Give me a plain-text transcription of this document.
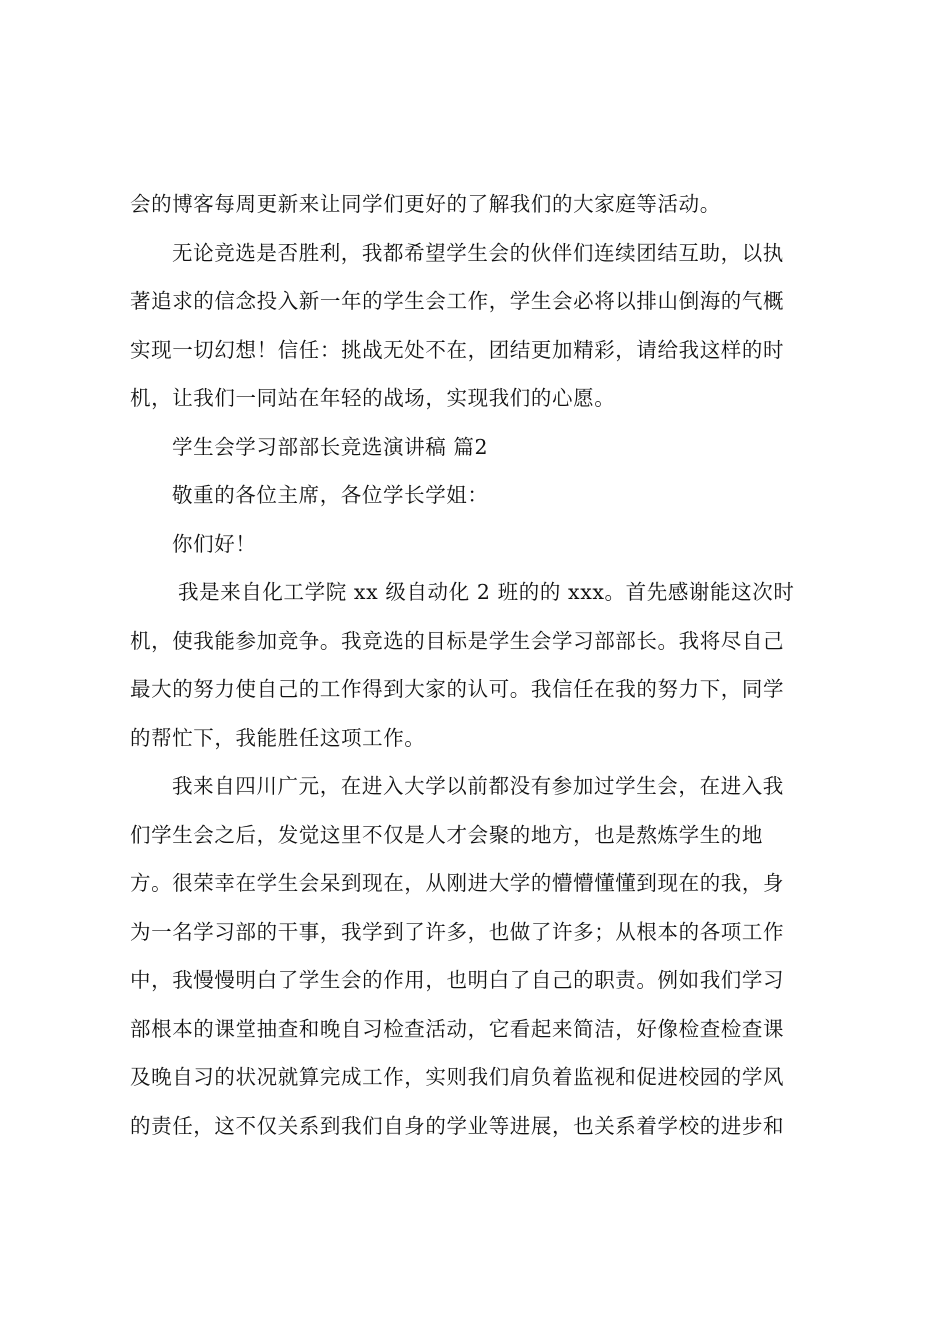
会的博客每周更新来让同学们更好的了解我们的大家庭等活动。
无论竞选是否胜利，我都希望学生会的伙伴们连续团结互助，以执
著追求的信念投入新一年的学生会工作，学生会必将以排山倒海的气概
实现一切幻想！信任：挑战无处不在，团结更加精彩，请给我这样的时
机，让我们一同站在年轻的战场，实现我们的心愿。
学生会学习部部长竞选演讲稿 篇2
敬重的各位主席，各位学长学姐：
你们好！
我是来自化工学院 xx 级自动化 2 班的的 xxx。首先感谢能这次时
机，使我能参加竞争。我竞选的目标是学生会学习部部长。我将尽自己
最大的努力使自己的工作得到大家的认可。我信任在我的努力下，同学
的帮忙下，我能胜任这项工作。
我来自四川广元，在进入大学以前都没有参加过学生会，在进入我
们学生会之后，发觉这里不仅是人才会聚的地方，也是熬炼学生的地
方。很荣幸在学生会呆到现在，从刚进大学的懵懵懂懂到现在的我，身
为一名学习部的干事，我学到了许多，也做了许多；从根本的各项工作
中，我慢慢明白了学生会的作用，也明白了自己的职责。例如我们学习
部根本的课堂抽查和晚自习检查活动，它看起来简洁，好像检查检查课
及晚自习的状况就算完成工作，实则我们肩负着监视和促进校园的学风
的责任，这不仅关系到我们自身的学业等进展，也关系着学校的进步和
